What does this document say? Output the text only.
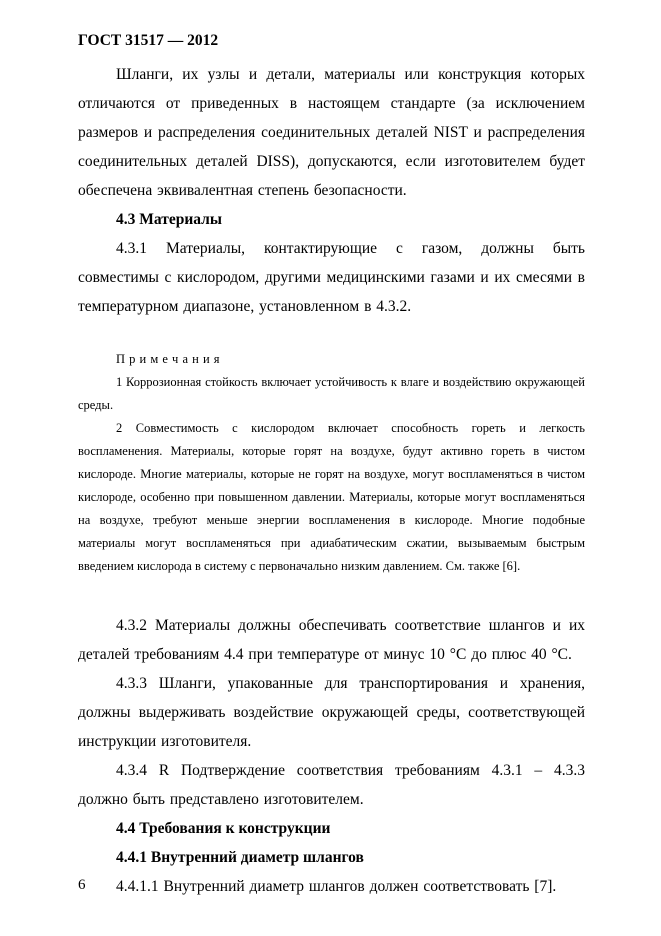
ГОСТ 31517 — 2012

Шланги, их узлы и детали, материалы или конструкция которых отличаются от приведенных в настоящем стандарте (за исключением размеров и распределения соединительных деталей NIST и распределения соединительных деталей DISS), допускаются, если изготовителем будет обеспечена эквивалентная степень безопасности.

4.3 Материалы

4.3.1 Материалы, контактирующие с газом, должны быть совместимы с кислородом, другими медицинскими газами и их смесями в температурном диапазоне, установленном в 4.3.2.

П р и м е ч а н и я

1 Коррозионная стойкость включает устойчивость к влаге и воздействию окружающей среды.

2 Совместимость с кислородом включает способность гореть и легкость воспламенения. Материалы, которые горят на воздухе, будут активно гореть в чистом кислороде. Многие материалы, которые не горят на воздухе, могут воспламеняться в чистом кислороде, особенно при повышенном давлении. Материалы, которые могут воспламеняться на воздухе, требуют меньше энергии воспламенения в кислороде. Многие подобные материалы могут воспламеняться при адиабатическим сжатии, вызываемым быстрым введением кислорода в систему с первоначально низким давлением. См. также [6].

4.3.2 Материалы должны обеспечивать соответствие шлангов и их деталей требованиям 4.4 при температуре от минус 10 °С до плюс 40 °С.

4.3.3 Шланги, упакованные для транспортирования и хранения, должны выдерживать воздействие окружающей среды, соответствующей инструкции изготовителя.

4.3.4 R Подтверждение соответствия требованиям 4.3.1 – 4.3.3 должно быть представлено изготовителем.

4.4 Требования к конструкции

4.4.1 Внутренний диаметр шлангов

4.4.1.1 Внутренний диаметр шлангов должен соответствовать [7].

6
